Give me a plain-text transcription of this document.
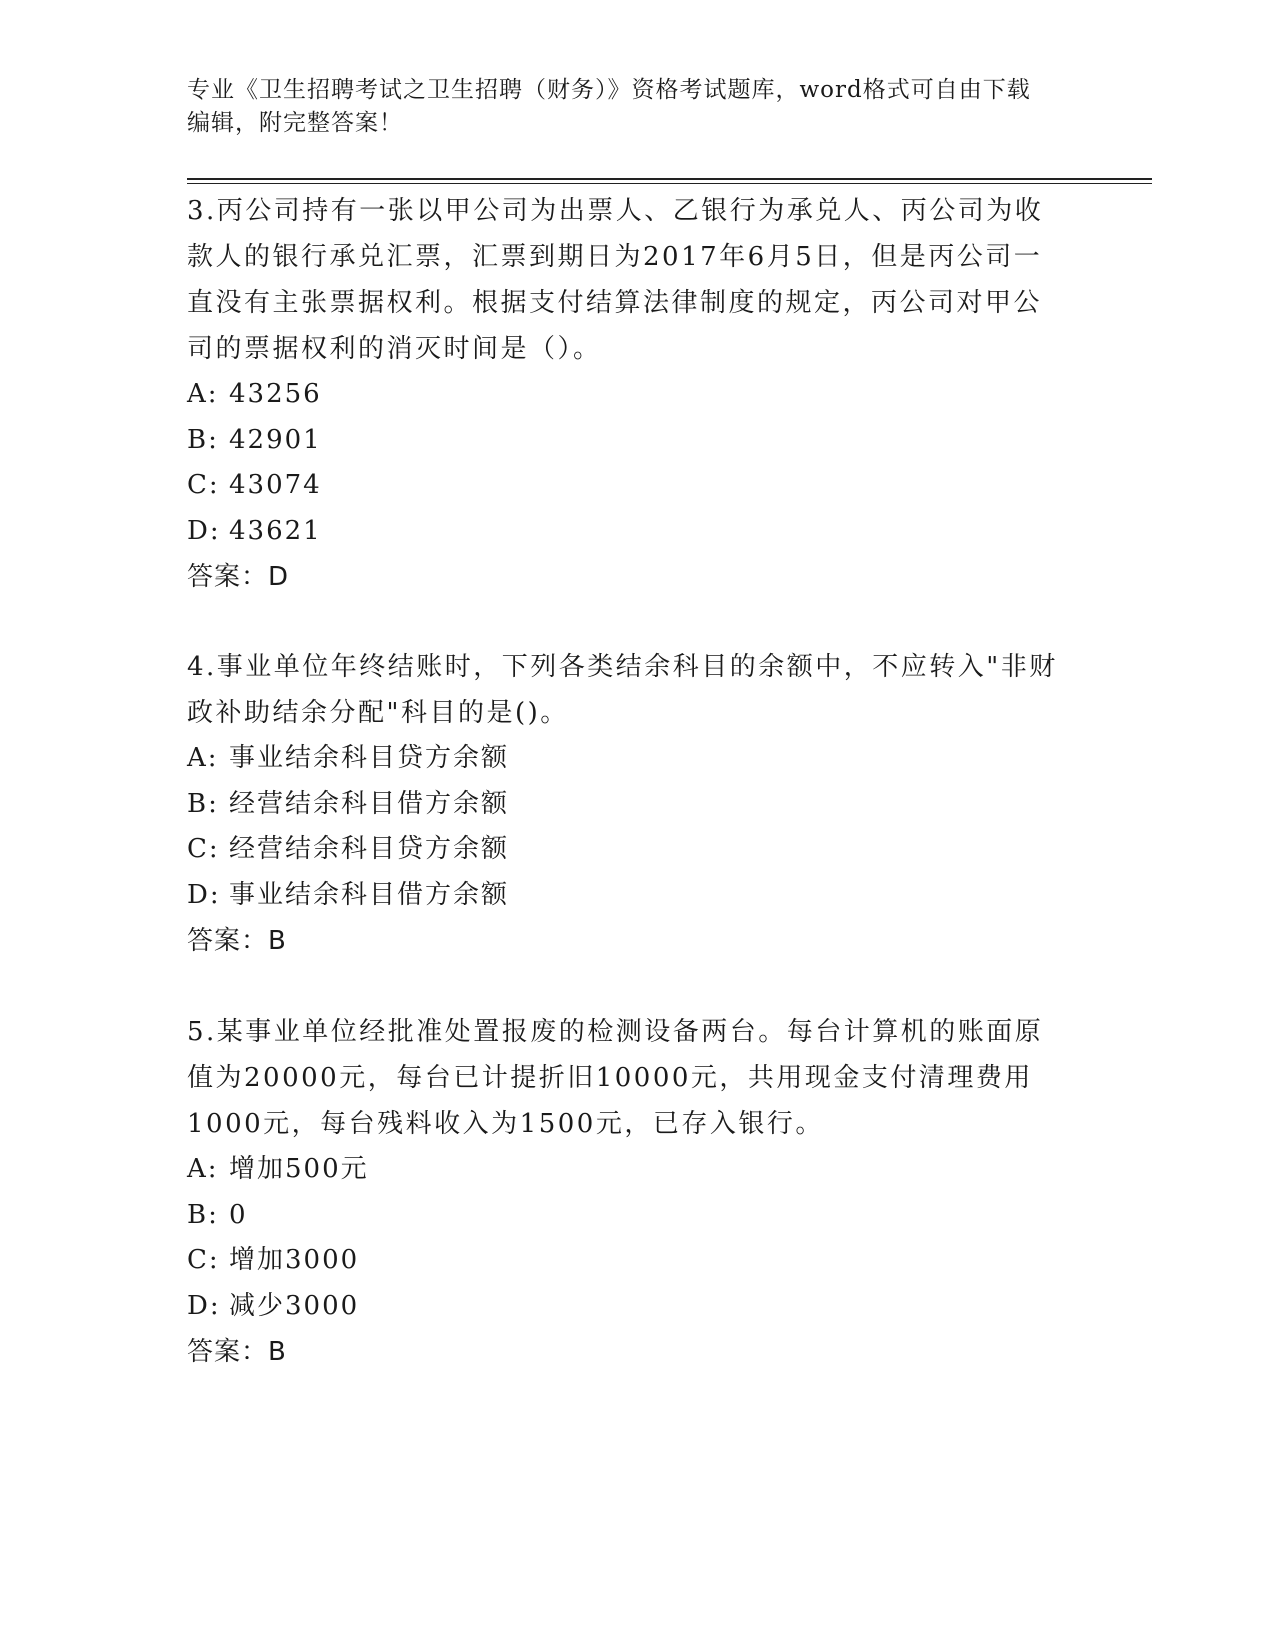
专业《卫生招聘考试之卫生招聘（财务）》资格考试题库，word格式可自由下载
编辑，附完整答案！
3.丙公司持有一张以甲公司为出票人、乙银行为承兑人、丙公司为收
款人的银行承兑汇票，汇票到期日为2017年6月5日，但是丙公司一
直没有主张票据权利。根据支付结算法律制度的规定，丙公司对甲公
司的票据权利的消灭时间是（）。
A: 43256
B: 42901
C: 43074
D: 43621
答案：D
4.事业单位年终结账时，下列各类结余科目的余额中，不应转入"非财
政补助结余分配"科目的是()。
A: 事业结余科目贷方余额
B: 经营结余科目借方余额
C: 经营结余科目贷方余额
D: 事业结余科目借方余额
答案：B
5.某事业单位经批准处置报废的检测设备两台。每台计算机的账面原
值为20000元，每台已计提折旧10000元，共用现金支付清理费用
1000元，每台残料收入为1500元，已存入银行。
A: 增加500元
B: 0
C: 增加3000
D: 减少3000
答案：B
